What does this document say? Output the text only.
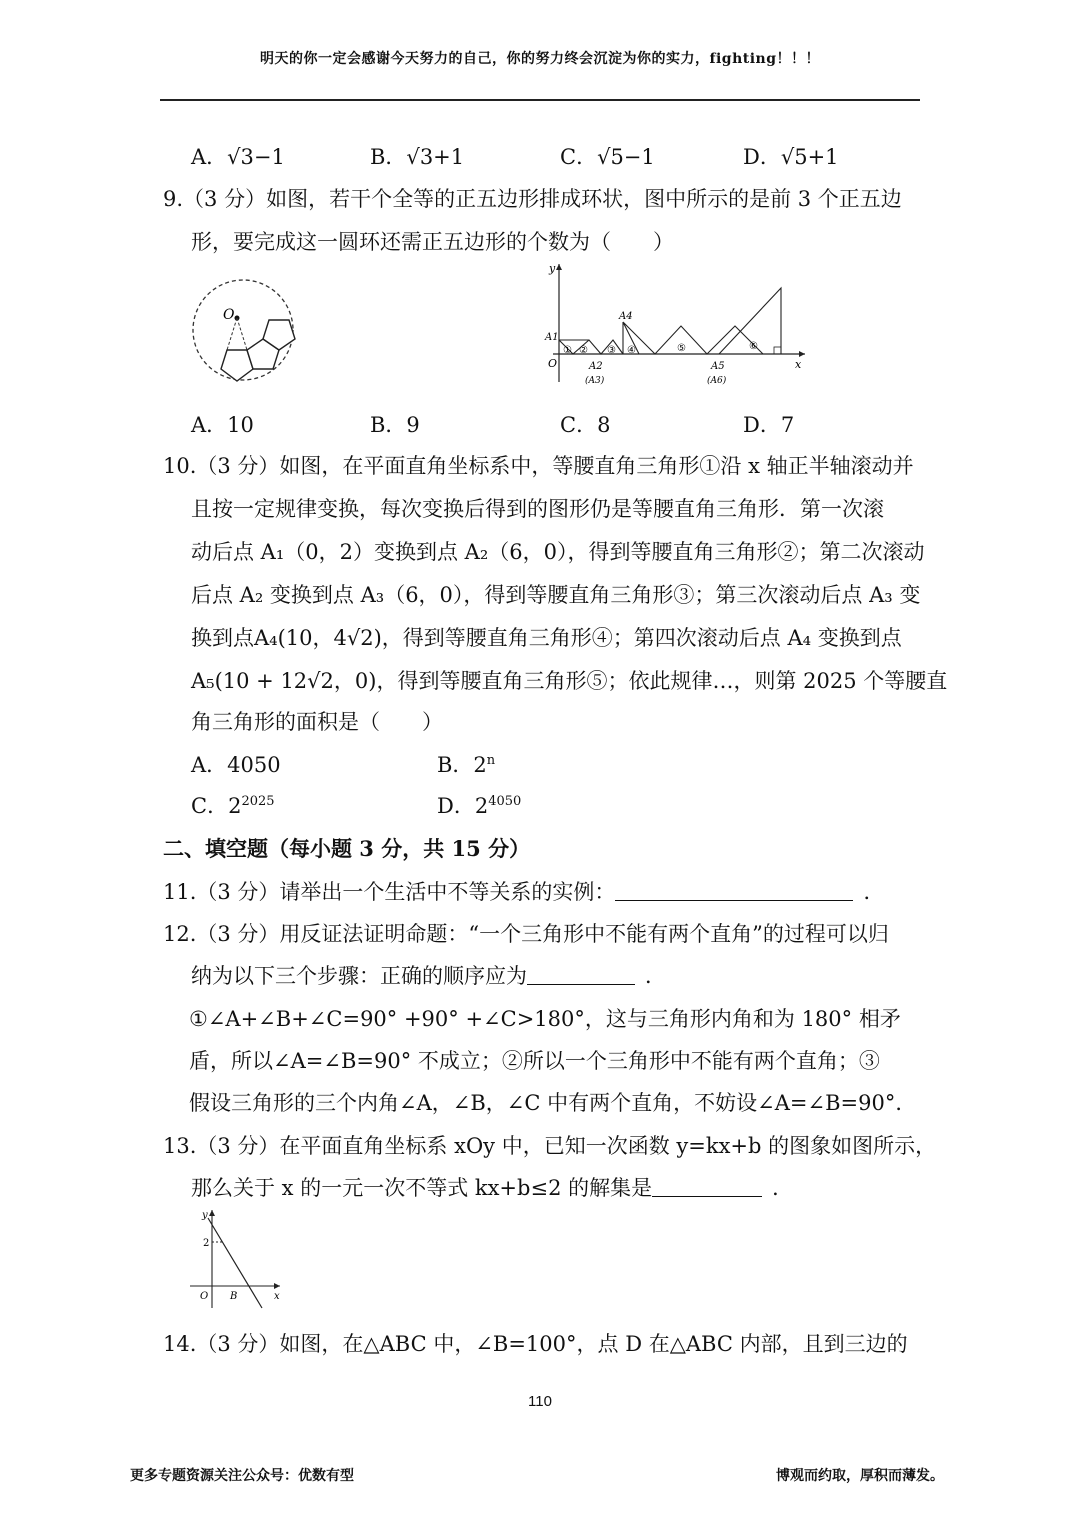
明天的你一定会感谢今天努力的自己，你的努力终会沉淀为你的实力，fighting！！！
A．√3−1	B．√3+1	C．√5−1	D．√5+1
9.（3 分）如图，若干个全等的正五边形排成环状，图中所示的是前 3 个正五边
形，要完成这一圆环还需正五边形的个数为（　　）
O
x
y
O
A1
A2
(A3)
A4
A5
(A6)
① ② ③ ④	⑤	⑥
A．10	B．9	C．8	D．7
10.（3 分）如图，在平面直角坐标系中，等腰直角三角形①沿 x 轴正半轴滚动并
且按一定规律变换，每次变换后得到的图形仍是等腰直角三角形．第一次滚
动后点 A₁（0，2）变换到点 A₂（6，0），得到等腰直角三角形②；第二次滚动
后点 A₂ 变换到点 A₃（6，0），得到等腰直角三角形③；第三次滚动后点 A₃ 变
换到点A₄(10，4√2)，得到等腰直角三角形④；第四次滚动后点 A₄ 变换到点
A₅(10 + 12√2，0)，得到等腰直角三角形⑤；依此规律…，则第 2025 个等腰直
角三角形的面积是（　　）
A．4050	B．2$^n$
C．$2^{2025}$	D．$2^{4050}$
二、填空题（每小题 3 分，共 15 分）
11.（3 分）请举出一个生活中不等关系的实例：	．
12.（3 分）用反证法证明命题：“一个三角形中不能有两个直角”的过程可以归
纳为以下三个步骤：正确的顺序应为	．
①∠A+∠B+∠C=90° +90° +∠C>180°，这与三角形内角和为 180° 相矛
盾，所以∠A=∠B=90° 不成立；②所以一个三角形中不能有两个直角；③
假设三角形的三个内角∠A，∠B，∠C 中有两个直角，不妨设∠A=∠B=90°．
13.（3 分）在平面直角坐标系 xOy 中，已知一次函数 y=kx+b 的图象如图所示，
那么关于 x 的一元一次不等式 kx+b≤2 的解集是	．
y
x
O B
2
14.（3 分）如图，在△ABC 中，∠B=100°，点 D 在△ABC 内部，且到三边的
110
更多专题资源关注公众号：优数有型	博观而约取，厚积而薄发。
